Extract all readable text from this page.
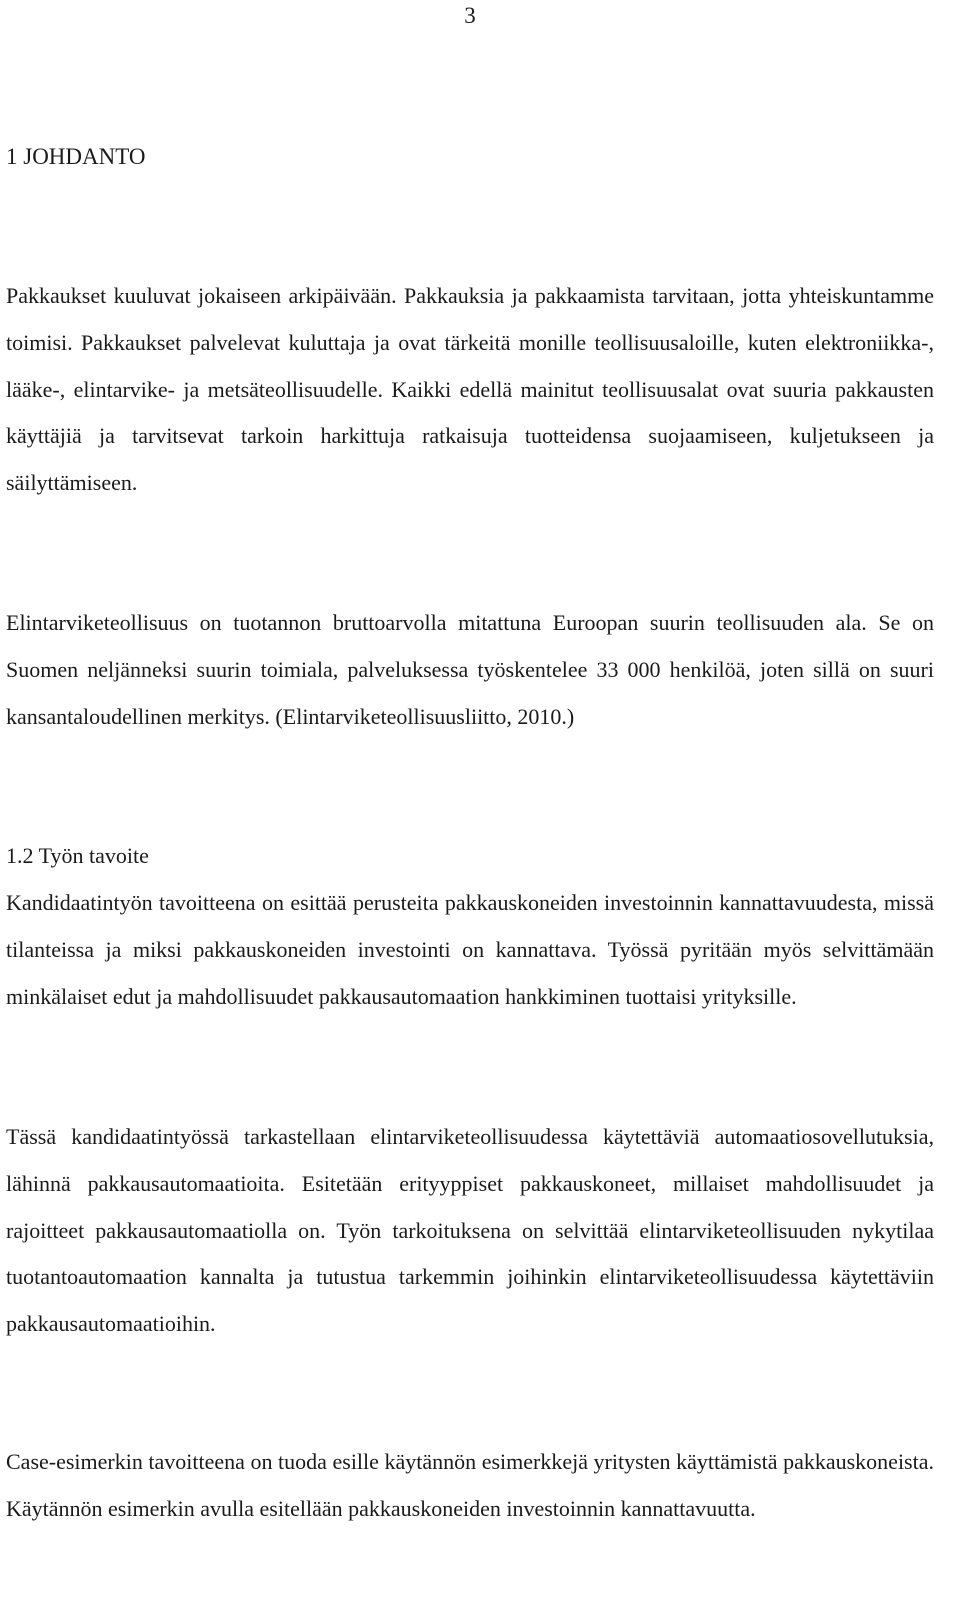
3
1 JOHDANTO

Pakkaukset kuuluvat jokaiseen arkipäivään. Pakkauksia ja pakkaamista tarvitaan, jotta yhteiskuntamme toimisi. Pakkaukset palvelevat kuluttaja ja ovat tärkeitä monille teollisuusaloille, kuten elektroniikka-, lääke-, elintarvike- ja metsäteollisuudelle. Kaikki edellä mainitut teollisuusalat ovat suuria pakkausten käyttäjiä ja tarvitsevat tarkoin harkittuja ratkaisuja tuotteidensa suojaamiseen, kuljetukseen ja säilyttämiseen.

Elintarviketeollisuus on tuotannon bruttoarvolla mitattuna Euroopan suurin teollisuuden ala. Se on Suomen neljänneksi suurin toimiala, palveluksessa työskentelee 33 000 henkilöä, joten sillä on suuri kansantaloudellinen merkitys. (Elintarviketeollisuusliitto, 2010.)

1.2 Työn tavoite

Kandidaatintyön tavoitteena on esittää perusteita pakkauskoneiden investoinnin kannattavuudesta, missä tilanteissa ja miksi pakkauskoneiden investointi on kannattava. Työssä pyritään myös selvittämään minkälaiset edut ja mahdollisuudet pakkausautomaation hankkiminen tuottaisi yrityksille.

Tässä kandidaatintyössä tarkastellaan elintarviketeollisuudessa käytettäviä automaatiosovellutuksia, lähinnä pakkausautomaatioita. Esitetään erityyppiset pakkauskoneet, millaiset mahdollisuudet ja rajoitteet pakkausautomaatiolla on. Työn tarkoituksena on selvittää elintarviketeollisuuden nykytilaa tuotantoautomaation kannalta ja tutustua tarkemmin joihinkin elintarviketeollisuudessa käytettäviin pakkausautomaatioihin.

Case-esimerkin tavoitteena on tuoda esille käytännön esimerkkejä yritysten käyttämistä pakkauskoneista. Käytännön esimerkin avulla esitellään pakkauskoneiden investoinnin kannattavuutta.
